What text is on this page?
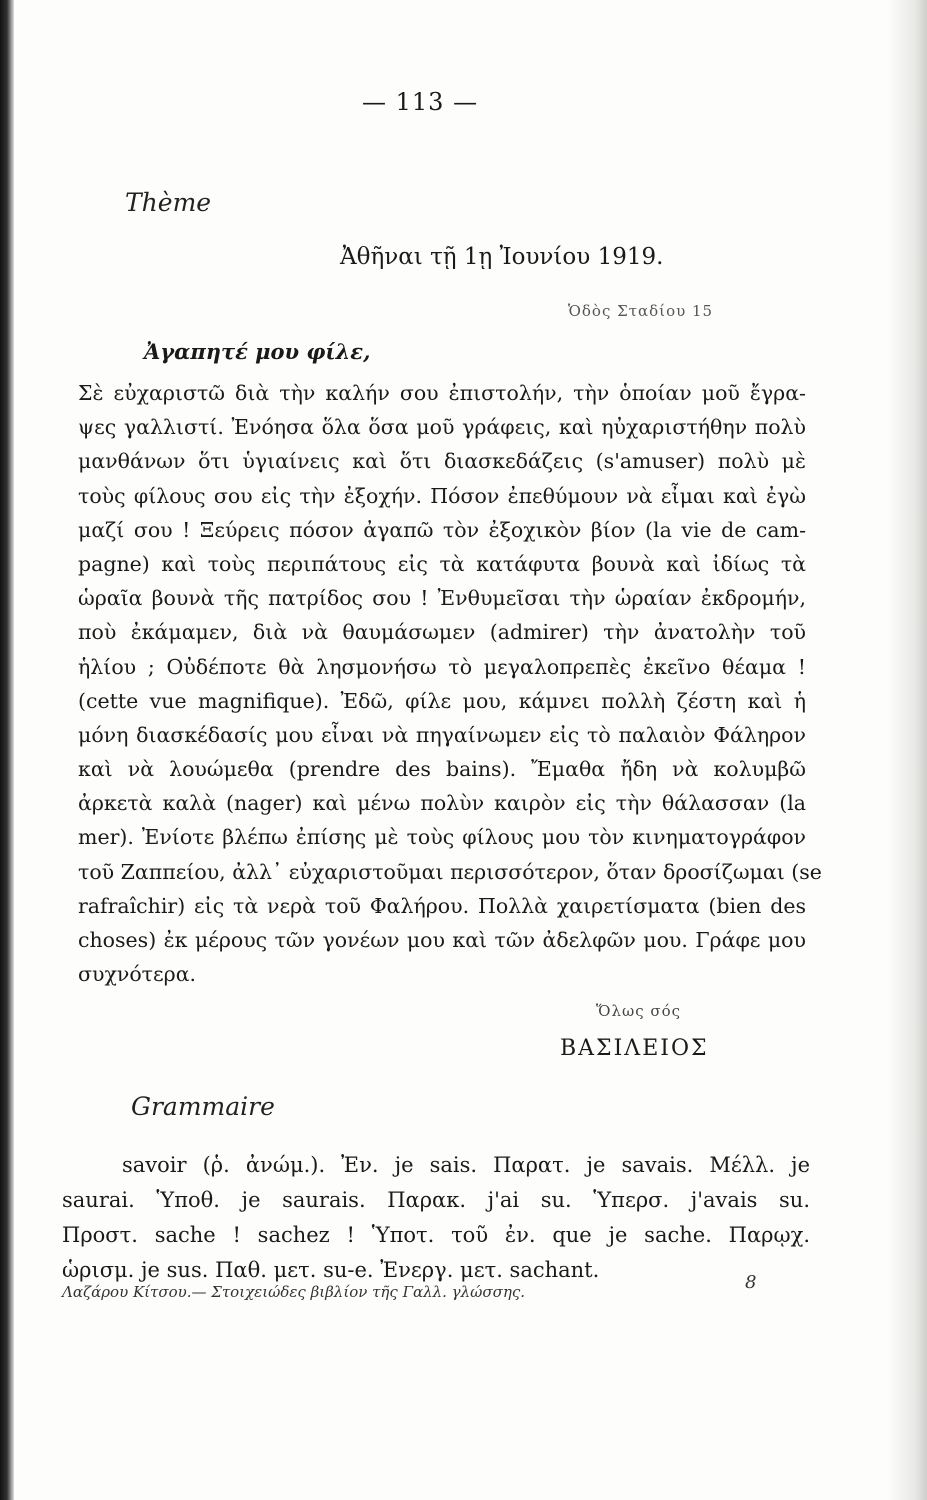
— 113 —
Thème
Ἀθῆναι τῇ 1ῃ Ἰουνίου 1919.
Ὁδὸς Σταδίου 15
Ἀγαπητέ μου φίλε,
Σὲ εὐχαριστῶ διὰ τὴν καλήν σου ἐπιστολήν, τὴν ὁποίαν μοῦ ἔγρα-
ψες γαλλιστί. Ἐνόησα ὅλα ὅσα μοῦ γράφεις, καὶ ηὐχαριστήθην πολὺ
μανθάνων ὅτι ὑγιαίνεις καὶ ὅτι διασκεδάζεις (s'amuser) πολὺ μὲ
τοὺς φίλους σου εἰς τὴν ἐξοχήν. Πόσον ἐπεθύμουν νὰ εἶμαι καὶ ἐγὼ
μαζί σου ! Ξεύρεις πόσον ἀγαπῶ τὸν ἐξοχικὸν βίον (la vie de cam-
pagne) καὶ τοὺς περιπάτους εἰς τὰ κατάφυτα βουνὰ καὶ ἰδίως τὰ
ὡραῖα βουνὰ τῆς πατρίδος σου ! Ἐνθυμεῖσαι τὴν ὡραίαν ἐκδρομήν,
ποὺ ἐκάμαμεν, διὰ νὰ θαυμάσωμεν (admirer) τὴν ἀνατολὴν τοῦ
ἡλίου ; Οὐδέποτε θὰ λησμονήσω τὸ μεγαλοπρεπὲς ἐκεῖνο θέαμα !
(cette vue magnifique). Ἐδῶ, φίλε μου, κάμνει πολλὴ ζέστη καὶ ἡ
μόνη διασκέδασίς μου εἶναι νὰ πηγαίνωμεν εἰς τὸ παλαιὸν Φάληρον
καὶ νὰ λουώμεθα (prendre des bains). Ἔμαθα ἤδη νὰ κολυμβῶ
ἀρκετὰ καλὰ (nager) καὶ μένω πολὺν καιρὸν εἰς τὴν θάλασσαν (la
mer). Ἐνίοτε βλέπω ἐπίσης μὲ τοὺς φίλους μου τὸν κινηματογράφον
τοῦ Ζαππείου, ἀλλ᾽ εὐχαριστοῦμαι περισσότερον, ὅταν δροσίζωμαι (se
rafraîchir) εἰς τὰ νερὰ τοῦ Φαλήρου. Πολλὰ χαιρετίσματα (bien des
choses) ἐκ μέρους τῶν γονέων μου καὶ τῶν ἀδελφῶν μου. Γράφε μου
συχνότερα.
Ὅλως σός
ΒΑΣΙΛΕΙΟΣ
Grammaire
savoir (ῥ. ἀνώμ.). Ἐν. je sais. Παρατ. je savais. Μέλλ. je
saurai. Ὑποθ. je saurais. Παρακ. j'ai su. Ὑπερσ. j'avais su.
Προστ. sache ! sachez ! Ὑποτ. τοῦ ἐν. que je sache. Παρῳχ.
ὡρισμ. je sus. Παθ. μετ. su-e. Ἐνεργ. μετ. sachant.
Λαζάρου Κίτσου.— Στοιχειώδες βιβλίον τῆς Γαλλ. γλώσσης.	8
